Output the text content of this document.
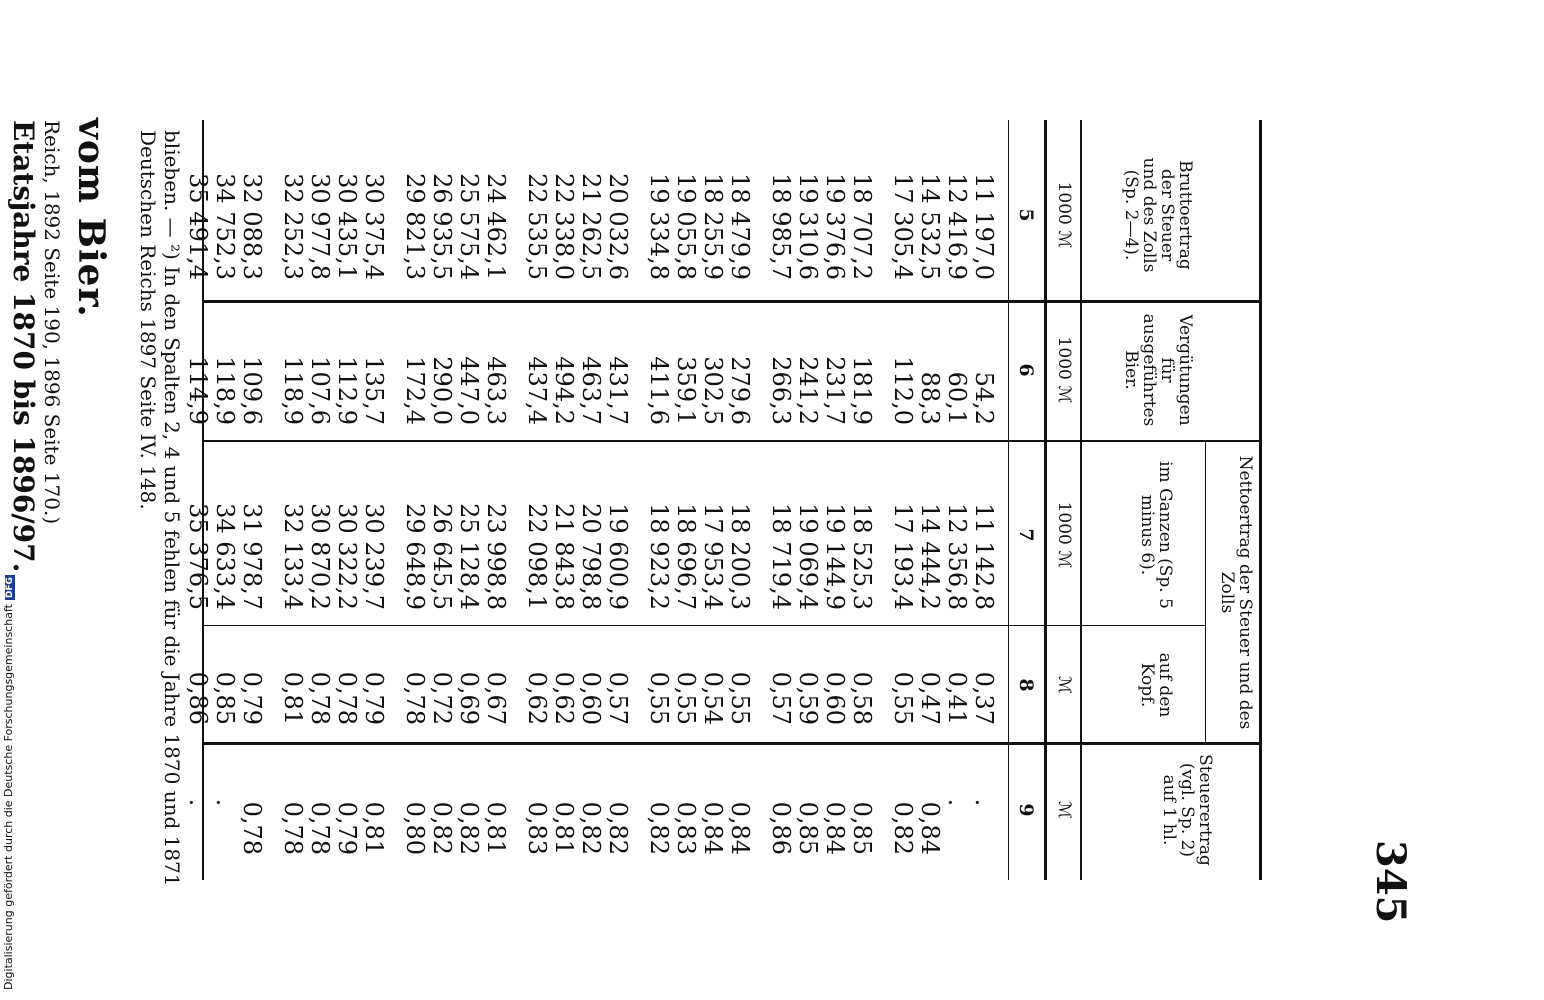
345
vom Bier.
Reich, 1892 Seite 190, 1896 Seite 170.)
Etatsjahre 1870 bis 1896/97.	Bruttoertrag der Steuer und des Zolls (Sp. 2—4).
Vergütungen für ausgeführtes Bier.
Nettoertrag der Steuer und des Zolls
im Ganzen (Sp. 5 minus 6).
auf den Kopf.
Steuerertrag (vgl. Sp. 2) auf 1 hl.
1000 ℳ
1000 ℳ
1000 ℳ
ℳ
ℳ
5
6
7
8
9
11 197,0
54,2
11 142,8
0,37
.
12 416,9
60,1
12 356,8
0,41
.
14 532,5
88,3
14 444,2
0,47
0,84
17 305,4
112,0
17 193,4
0,55
0,82
18 707,2
181,9
18 525,3
0,58
0,85
19 376,6
231,7
19 144,9
0,60
0,84
19 310,6
241,2
19 069,4
0,59
0,85
18 985,7
266,3
18 719,4
0,57
0,86
18 479,9
279,6
18 200,3
0,55
0,84
18 255,9
302,5
17 953,4
0,54
0,84
19 055,8
359,1
18 696,7
0,55
0,83
19 334,8
411,6
18 923,2
0,55
0,82
20 032,6
431,7
19 600,9
0,57
0,82
21 262,5
463,7
20 798,8
0,60
0,82
22 338,0
494,2
21 843,8
0,62
0,81
22 535,5
437,4
22 098,1
0,62
0,83
24 462,1
463,3
23 998,8
0,67
0,81
25 575,4
447,0
25 128,4
0,69
0,82
26 935,5
290,0
26 645,5
0,72
0,82
29 821,3
172,4
29 648,9
0,78
0,80
30 375,4
135,7
30 239,7
0,79
0,81
30 435,1
112,9
30 322,2
0,78
0,79
30 977,8
107,6
30 870,2
0,78
0,78
32 252,3
118,9
32 133,4
0,81
0,78
32 088,3
109,6
31 978,7
0,79
0,78
34 752,3
118,9
34 633,4
0,85
.
35 491,4
114,9
35 376,5
0,86
.
blieben. — ²) In den Spalten 2, 4 und 5 fehlen für die Jahre 1870 und 1871
Deutschen Reichs 1897 Seite IV. 148.
Digitalisierung gefördert durch die Deutsche ForschungsgemeinschaftDFG
